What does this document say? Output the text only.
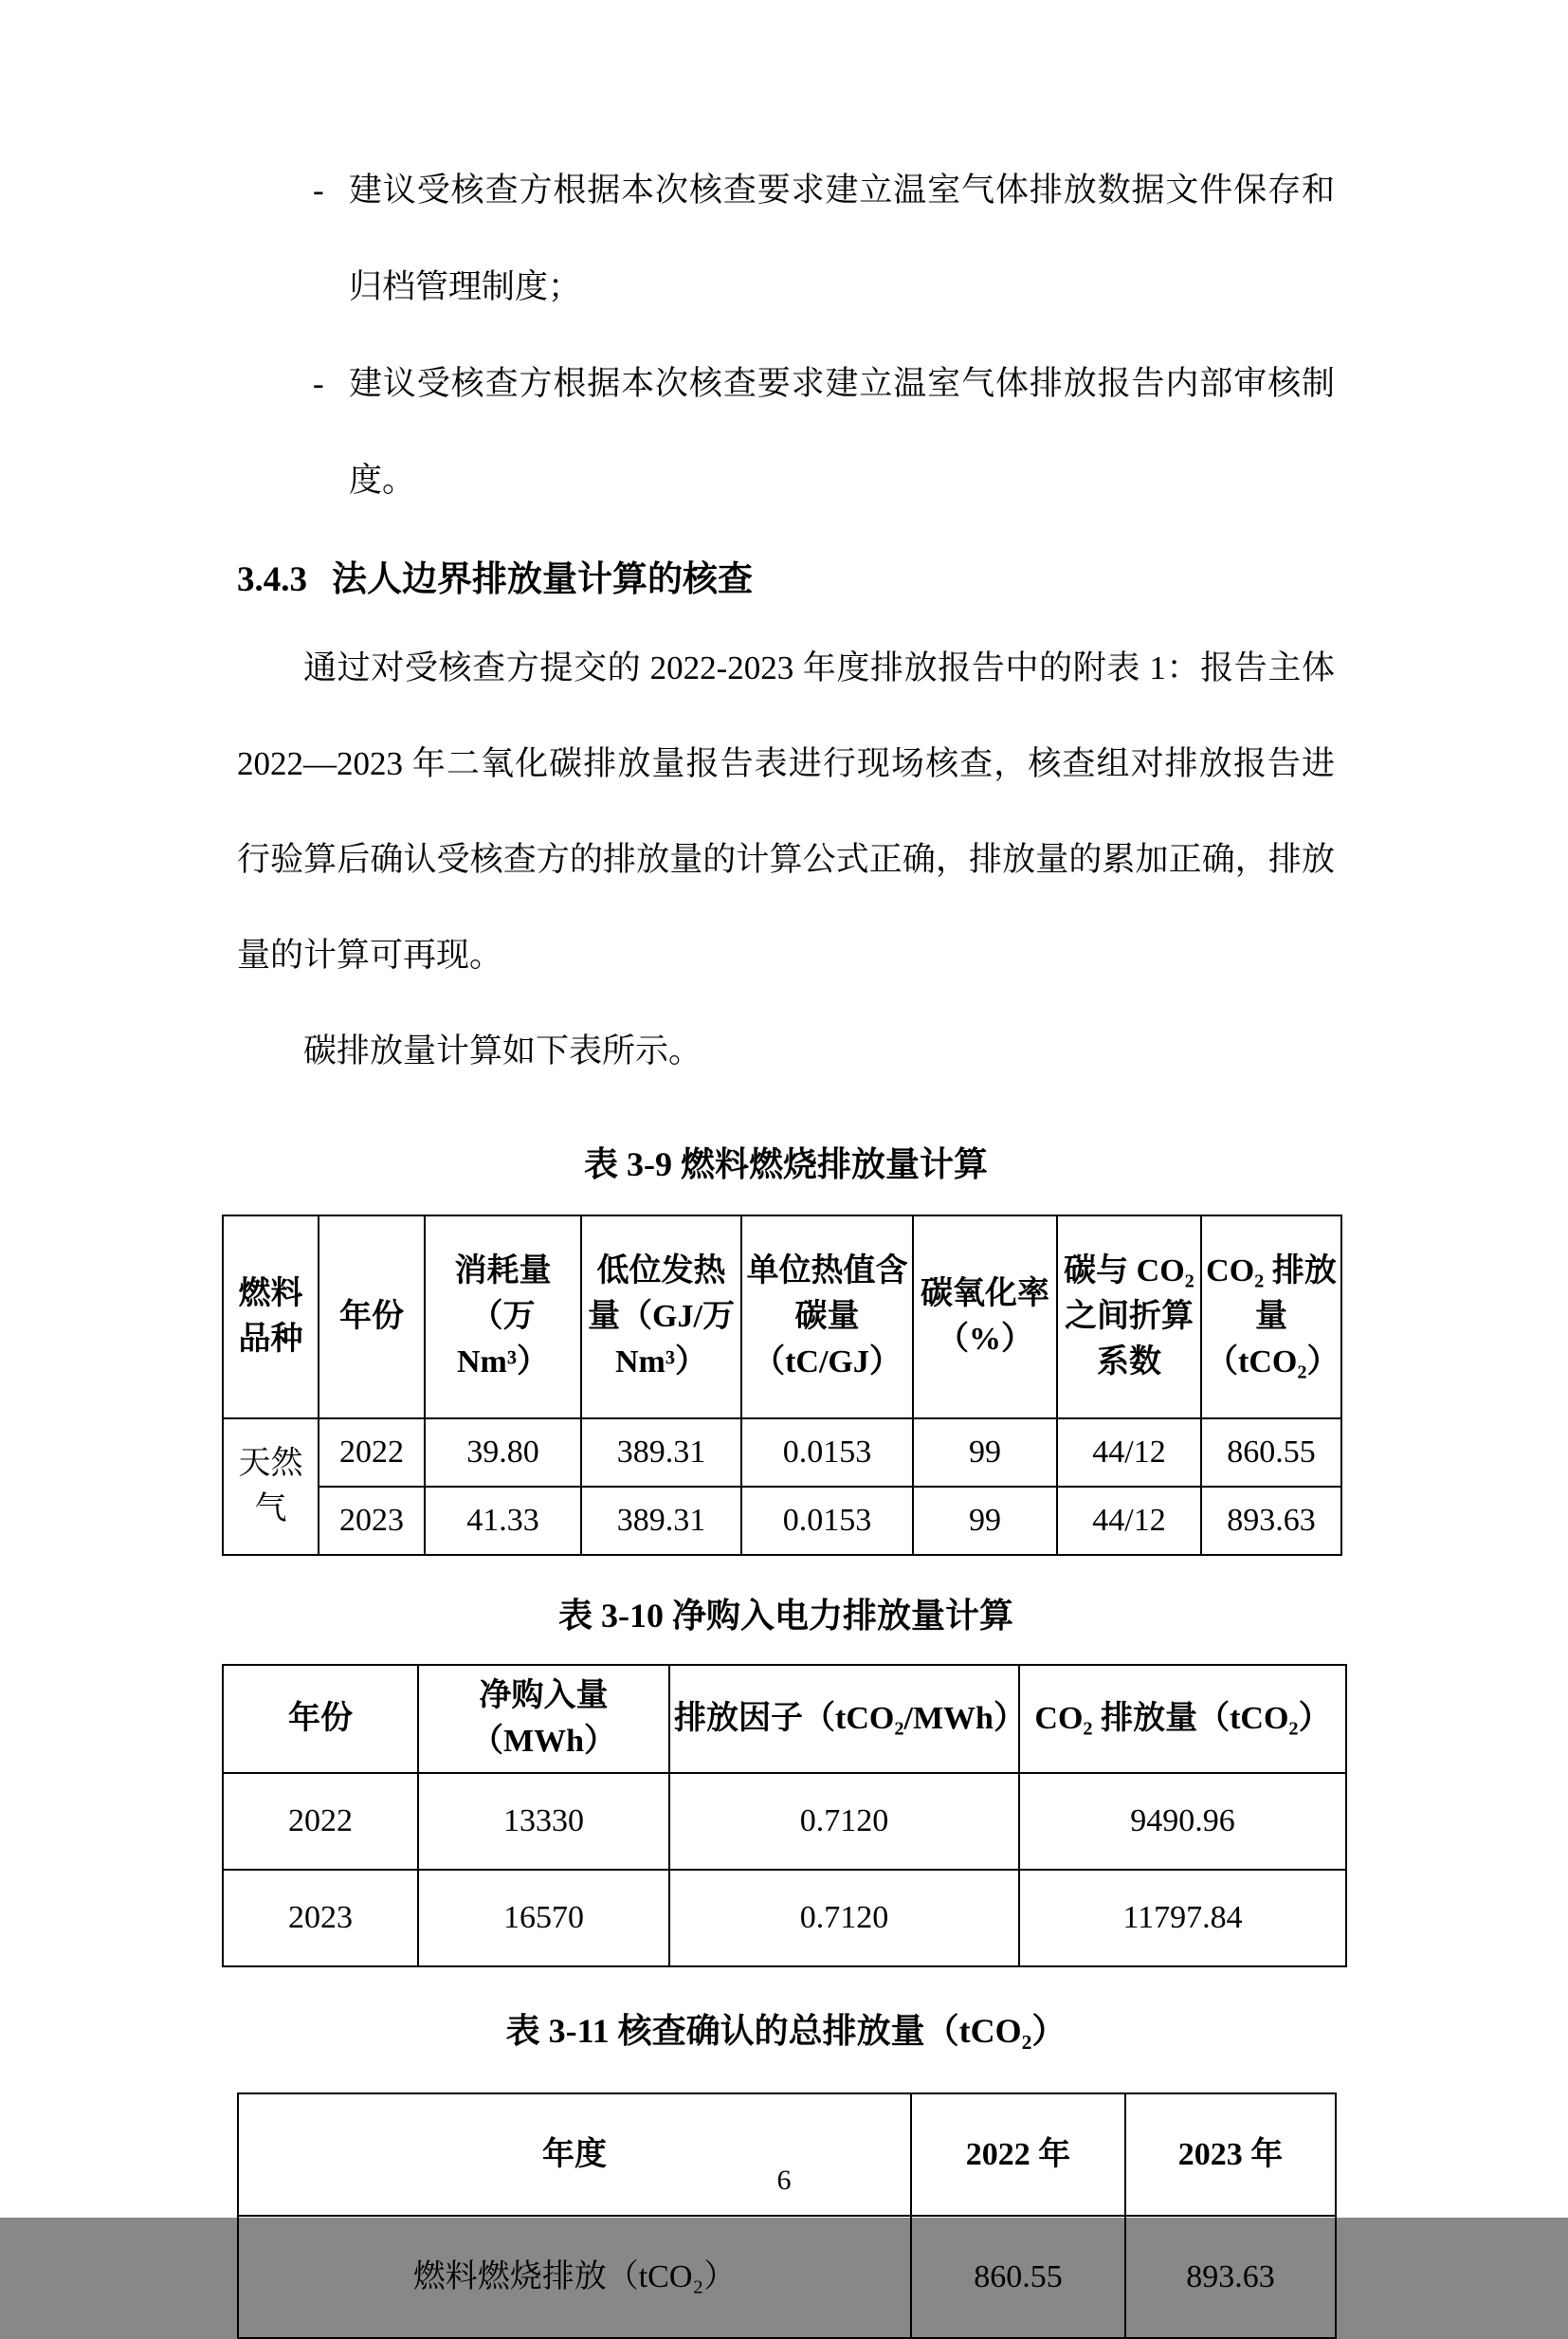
- 建议受核查方根据本次核查要求建立温室气体排放数据文件保存和归档管理制度；
- 建议受核查方根据本次核查要求建立温室气体排放报告内部审核制度。
3.4.3 法人边界排放量计算的核查

通过对受核查方提交的 2022-2023 年度排放报告中的附表 1：报告主体 2022—2023 年二氧化碳排放量报告表进行现场核查，核查组对排放报告进行验算后确认受核查方的排放量的计算公式正确，排放量的累加正确，排放量的计算可再现。

碳排放量计算如下表所示。

表 3-9 燃料燃烧排放量计算
燃料品种	年份	消耗量（万 Nm³）	低位发热量（GJ/万 Nm³）	单位热值含碳量（tC/GJ）	碳氧化率（%）	碳与 CO₂ 之间折算系数	CO₂ 排放量（tCO₂）
天然气	2022	39.80	389.31	0.0153	99	44/12	860.55
	2023	41.33	389.31	0.0153	99	44/12	893.63
表 3-10 净购入电力排放量计算
年份	净购入量（MWh）	排放因子（tCO₂/MWh）	CO₂ 排放量（tCO₂）
2022	13330	0.7120	9490.96
2023	16570	0.7120	11797.84
表 3-11 核查确认的总排放量（tCO₂）
年度	2022 年	2023 年
燃料燃烧排放（tCO₂）	860.55	893.63
6
